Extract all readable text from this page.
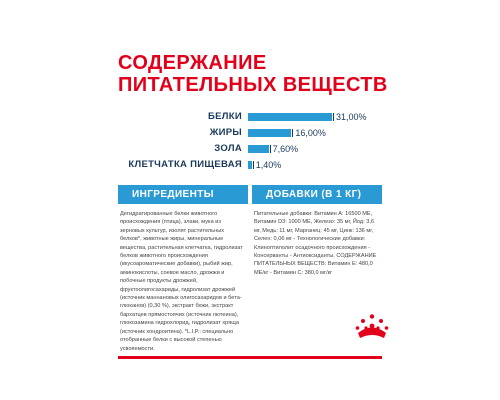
СОДЕРЖАНИЕ ПИТАТЕЛЬНЫХ ВЕЩЕСТВ
БЕЛКИ	31,00%
ЖИРЫ	16,00%
ЗОЛА	7,60%
КЛЕТЧАТКА ПИЩЕВАЯ 1,40%
ИНГРЕДИЕНТЫ

Дегидратированные белки животного происхождения (птица), злаки, мука из зерновых культур, изолят растительных белков*, животные жиры, минеральные вещества, растительная клетчатка, гидролизат белков животного происхождения (вкусоароматические добавки), рыбий жир, аминокислоты, соевое масло, дрожжи и побочные продукты дрожжей, фруктоолигосахариды, гидролизат дрожжей (источник маннановых олигосахаридов и бета-глюканов) (0,30 %), экстракт бхжи, экстракт бархатцев прямостоячих (источник лютеина), глюкозамина гидрохлорид, гидролизат хряща (источник хондроитина). *L.I.P.: специально отобранные белки с высокой степенью усвояемости.

ДОБАВКИ (В 1 КГ)

Питательные добавки: Витамин A: 16500 МЕ, Витамин D3: 1000 МЕ, Железо: 35 мг, Йод: 3,6 мг, Медь: 11 мг, Марганец: 45 мг, Цинк: 136 мг, Селен: 0,06 мг - Технологические добавки: Клиноптилолит осадочного происхождения - Консерванты - Антиоксиданты. СОДЕРЖАНИЕ ПИТАТЕЛЬНЫХ ВЕЩЕСТВ: Витамин Е: 480,0 МЕ/кг - Витамин С: 380,0 мг/кг
